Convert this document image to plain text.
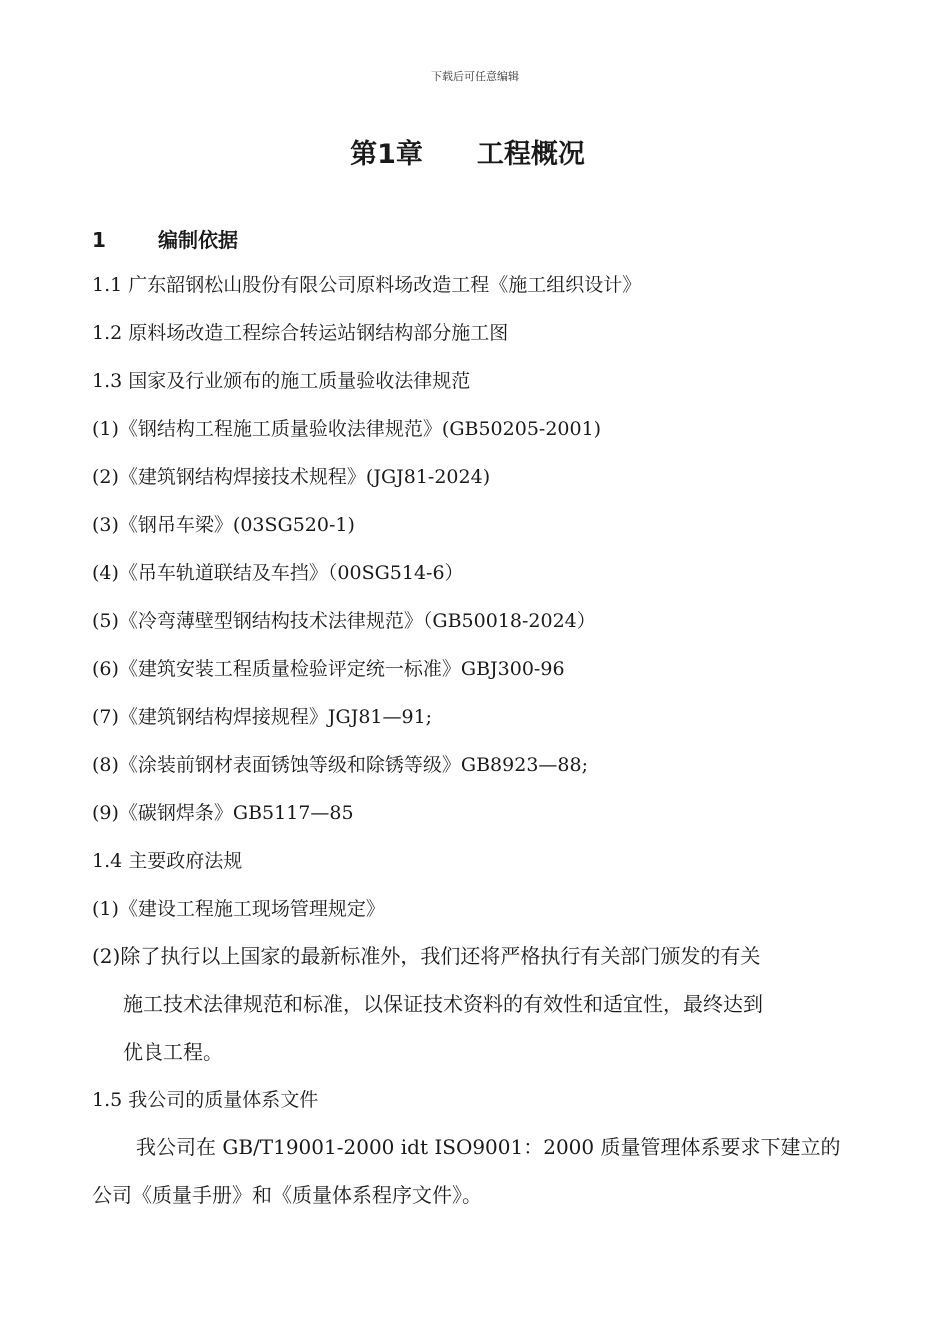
下载后可任意编辑
第1章　　工程概况
1	编制依据
1.1 广东韶钢松山股份有限公司原料场改造工程《施工组织设计》
1.2 原料场改造工程综合转运站钢结构部分施工图
1.3 国家及行业颁布的施工质量验收法律规范
(1)《钢结构工程施工质量验收法律规范》(GB50205-2001)
(2)《建筑钢结构焊接技术规程》(JGJ81-2024)
(3)《钢吊车梁》(03SG520-1)
(4)《吊车轨道联结及车挡》（00SG514-6）
(5)《冷弯薄壁型钢结构技术法律规范》（GB50018-2024）
(6)《建筑安装工程质量检验评定统一标准》GBJ300-96
(7)《建筑钢结构焊接规程》JGJ81—91;
(8)《涂装前钢材表面锈蚀等级和除锈等级》GB8923—88;
(9)《碳钢焊条》GB5117—85
1.4 主要政府法规
(1)《建设工程施工现场管理规定》
(2)除了执行以上国家的最新标准外，我们还将严格执行有关部门颁发的有关
施工技术法律规范和标准，以保证技术资料的有效性和适宜性，最终达到
优良工程。
1.5 我公司的质量体系文件
我公司在 GB/T19001-2000 idt ISO9001：2000 质量管理体系要求下建立的
公司《质量手册》和《质量体系程序文件》。
